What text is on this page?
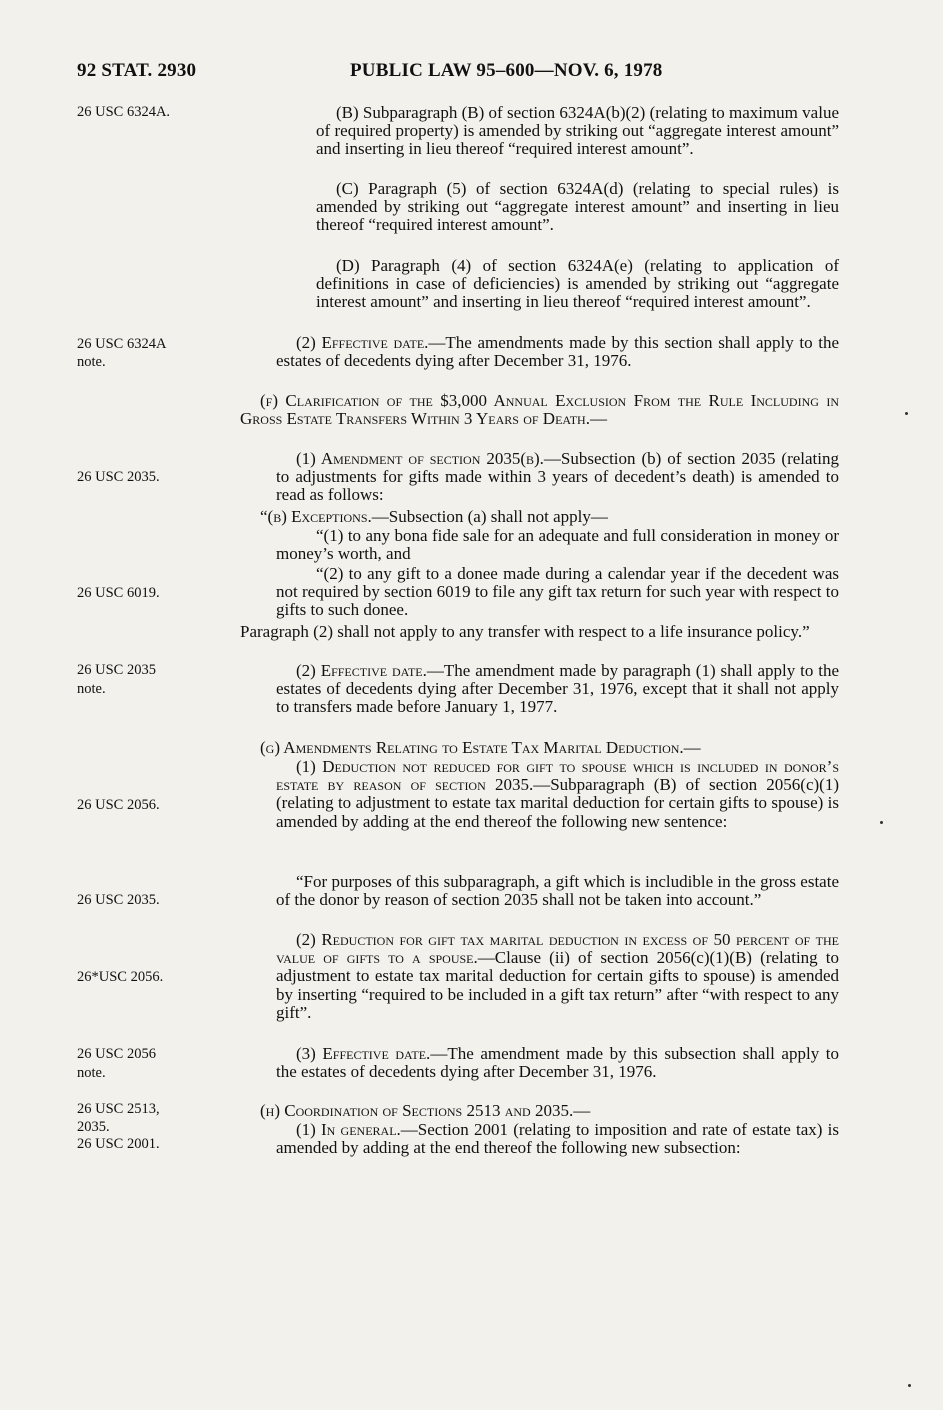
92 STAT. 2930	PUBLIC LAW 95–600—NOV. 6, 1978
26 USC 6324A.
26 USC 6324A
note.
26 USC 2035.
26 USC 6019.
26 USC 2035
note.
26 USC 2056.
26 USC 2035.
26*USC 2056.
26 USC 2056
note.
26 USC 2513,
2035.
26 USC 2001.

(B) Subparagraph (B) of section 6324A(b)(2) (relating to maximum value of required property) is amended by striking out “aggregate interest amount” and inserting in lieu thereof “required interest amount”.

(C) Paragraph (5) of section 6324A(d) (relating to special rules) is amended by striking out “aggregate interest amount” and inserting in lieu thereof “required interest amount”.

(D) Paragraph (4) of section 6324A(e) (relating to application of definitions in case of deficiencies) is amended by striking out “aggregate interest amount” and inserting in lieu thereof “required interest amount”.

(2) Effective date.—The amendments made by this section shall apply to the estates of decedents dying after December 31, 1976.

(f) Clarification of the $3,000 Annual Exclusion From the Rule Including in Gross Estate Transfers Within 3 Years of Death.—

(1) Amendment of section 2035(b).—Subsection (b) of section 2035 (relating to adjustments for gifts made within 3 years of decedent’s death) is amended to read as follows:

“(b) Exceptions.—Subsection (a) shall not apply—

“(1) to any bona fide sale for an adequate and full consideration in money or money’s worth, and

“(2) to any gift to a donee made during a calendar year if the decedent was not required by section 6019 to file any gift tax return for such year with respect to gifts to such donee.

Paragraph (2) shall not apply to any transfer with respect to a life insurance policy.”

(2) Effective date.—The amendment made by paragraph (1) shall apply to the estates of decedents dying after December 31, 1976, except that it shall not apply to transfers made before January 1, 1977.

(g) Amendments Relating to Estate Tax Marital Deduction.—

(1) Deduction not reduced for gift to spouse which is included in donor’s estate by reason of section 2035.—Subparagraph (B) of section 2056(c)(1) (relating to adjustment to estate tax marital deduction for certain gifts to spouse) is amended by adding at the end thereof the following new sentence:

“For purposes of this subparagraph, a gift which is includible in the gross estate of the donor by reason of section 2035 shall not be taken into account.”

(2) Reduction for gift tax marital deduction in excess of 50 percent of the value of gifts to a spouse.—Clause (ii) of section 2056(c)(1)(B) (relating to adjustment to estate tax marital deduction for certain gifts to spouse) is amended by inserting “required to be included in a gift tax return” after “with respect to any gift”.

(3) Effective date.—The amendment made by this subsection shall apply to the estates of decedents dying after December 31, 1976.

(h) Coordination of Sections 2513 and 2035.—

(1) In general.—Section 2001 (relating to imposition and rate of estate tax) is amended by adding at the end thereof the following new subsection:
